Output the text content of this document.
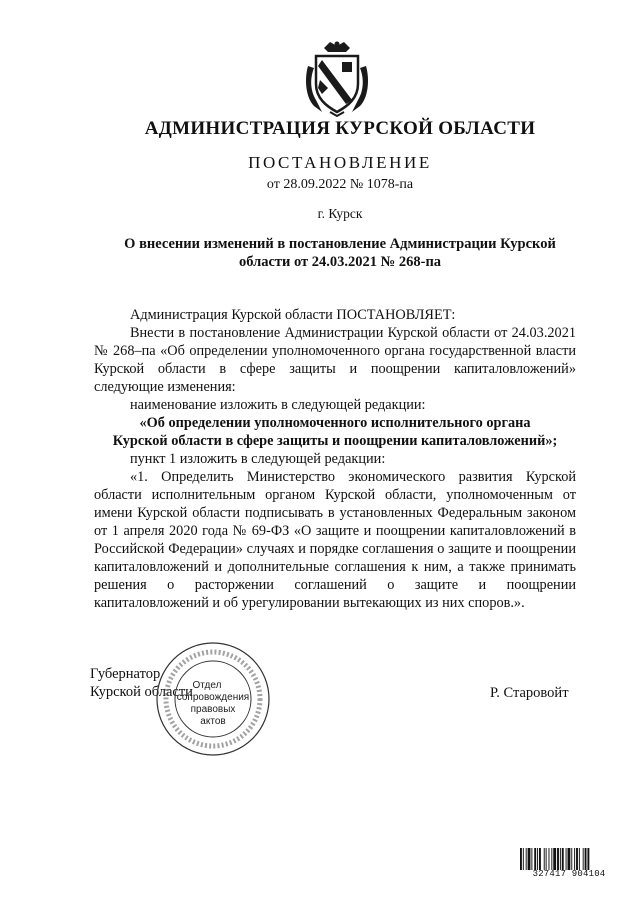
АДМИНИСТРАЦИЯ КУРСКОЙ ОБЛАСТИ
ПОСТАНОВЛЕНИЕ
от 28.09.2022 № 1078-па
г. Курск
О внесении изменений в постановление Администрации Курской
области от 24.03.2021 № 268-па

Администрация Курской области ПОСТАНОВЛЯЕТ:

Внести в постановление Администрации Курской области от 24.03.2021 № 268–па «Об определении уполномоченного органа государственной власти Курской области в сфере защиты и поощрении капиталовложений» следующие изменения:

наименование изложить в следующей редакции:

«Об определении уполномоченного исполнительного органа

Курской области в сфере защиты и поощрении капиталовложений»;

пункт 1 изложить в следующей редакции:

«1. Определить Министерство экономического развития Курской области исполнительным органом Курской области, уполномоченным от имени Курской области подписывать в установленных Федеральным законом от 1 апреля 2020 года № 69-ФЗ «О защите и поощрении капиталовложений в Российской Федерации» случаях и порядке соглашения о защите и поощрении капиталовложений и дополнительные соглашения к ним, а также принимать решения о расторжении соглашений о защите и поощрении капиталовложений и об урегулировании вытекающих из них споров.».

Губернатор
Курской области	Р. Старовойт
Отдел
сопровождения
правовых
актов
327417 904104
